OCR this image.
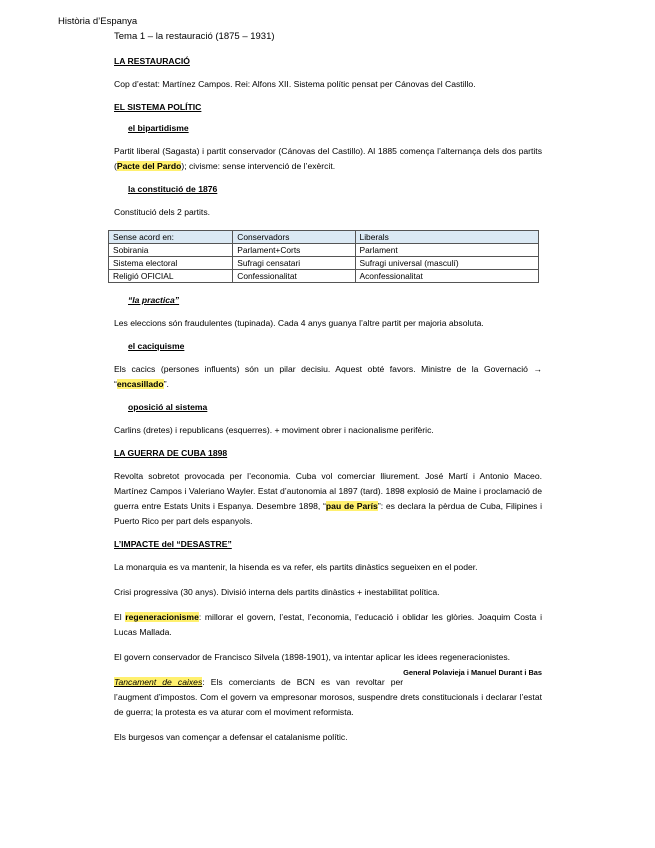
Història d’Espanya
Tema 1 – la restauració (1875 – 1931)
LA RESTAURACIÓ

Cop d’estat: Martínez Campos. Rei: Alfons XII. Sistema polític pensat per Cánovas del Castillo.

EL SISTEMA POLÍTIC
el bipartidisme

Partit liberal (Sagasta) i partit conservador (Cánovas del Castillo). Al 1885 comença l’alternança dels dos partits (Pacte del Pardo); civisme: sense intervenció de l’exèrcit.

la constitució de 1876

Constitució dels 2 partits.

Sense acord en:	Conservadors	Liberals
Sobirania	Parlament+Corts	Parlament
Sistema electoral	Sufragi censatari	Sufragi universal (masculí)
Religió OFICIAL	Confessionalitat	Aconfessionalitat
“la practica”

Les eleccions són fraudulentes (tupinada). Cada 4 anys guanya l’altre partit per majoria absoluta.

el caciquisme

Els cacics (persones influents) són un pilar decisiu. Aquest obté favors. Ministre de la Governació → “encasillado”.

oposició al sistema

Carlins (dretes) i republicans (esquerres). + moviment obrer i nacionalisme perifèric.

LA GUERRA DE CUBA 1898

Revolta sobretot provocada per l’economia. Cuba vol comerciar lliurement. José Martí i Antonio Maceo. Martínez Campos i Valeriano Wayler. Estat d’autonomia al 1897 (tard). 1898 explosió de Maine i proclamació de guerra entre Estats Units i Espanya. Desembre 1898, “pau de París”: es declara la pèrdua de Cuba, Filipines i Puerto Rico per part dels espanyols.

L’IMPACTE del “DESASTRE”

La monarquia es va mantenir, la hisenda es va refer, els partits dinàstics segueixen en el poder.

Crisi progressiva (30 anys). Divisió interna dels partits dinàstics + inestabilitat política.

El regeneracionisme: millorar el govern, l’estat, l’economia, l’educació i oblidar les glòries. Joaquim Costa i Lucas Mallada.

El govern conservador de Francisco Silvela (1898-1901), va intentar aplicar les idees regeneracionistes.
General Polavieja i Manuel Durant i Bas

Tancament de caixes: Els comerciants de BCN es van revoltar per l’augment d’impostos. Com el govern va empresonar morosos, suspendre drets constitucionals i declarar l’estat de guerra; la protesta es va aturar com el moviment reformista.

Els burgesos van començar a defensar el catalanisme polític.
